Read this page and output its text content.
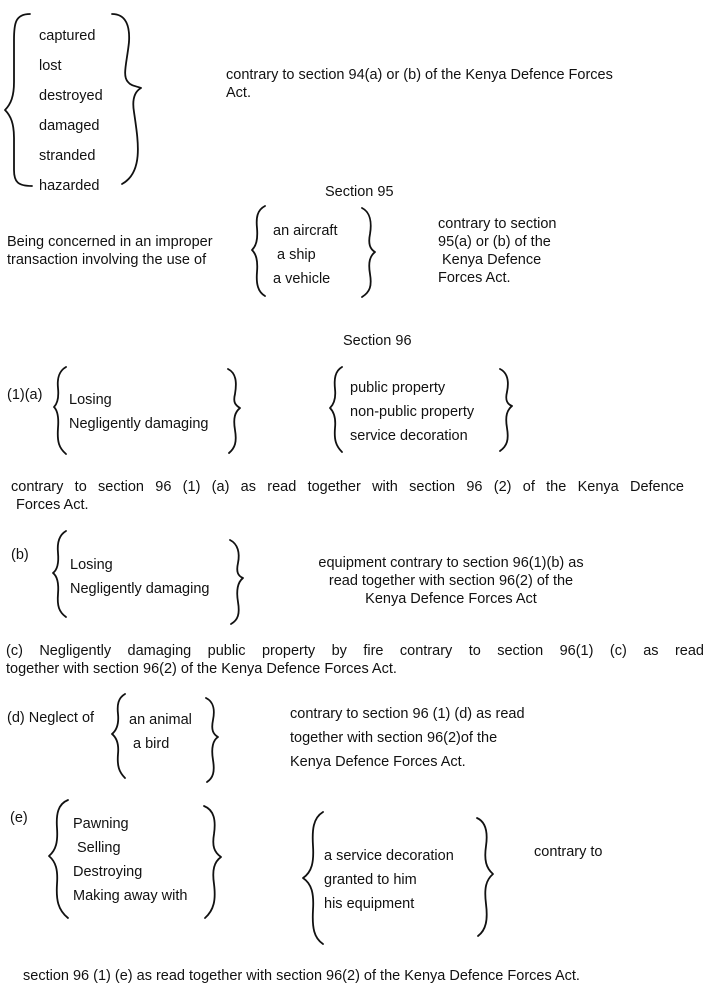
captured
lost
destroyed
damaged
stranded
hazarded
contrary to section 94(a) or (b) of the Kenya Defence Forces
Act.
Section 95
Being concerned in an improper
transaction involving the use of
an aircraft
a ship
a vehicle
contrary to section
95(a) or (b) of the
Kenya Defence
Forces Act.
Section 96
(1)(a) Losing
Negligently damaging
public property
non-public property
service decoration
contrary to section 96 (1) (a) as read together with section 96 (2) of the Kenya Defence
Forces Act.
(b)
Losing
Negligently damaging
equipment contrary to section 96(1)(b) as
read together with section 96(2) of the
Kenya Defence Forces Act
(c) Negligently damaging public property by fire contrary to section 96(1) (c) as read
together with section 96(2) of the Kenya Defence Forces Act.
(d) Neglect of an animal
a bird
contrary to section 96 (1) (d) as read
together with section 96(2)of the
Kenya Defence Forces Act.
(e)	Pawning
Selling
Destroying
Making away with
a service decoration
granted to him
his equipment
contrary to
section 96 (1) (e) as read together with section 96(2) of the Kenya Defence Forces Act.
